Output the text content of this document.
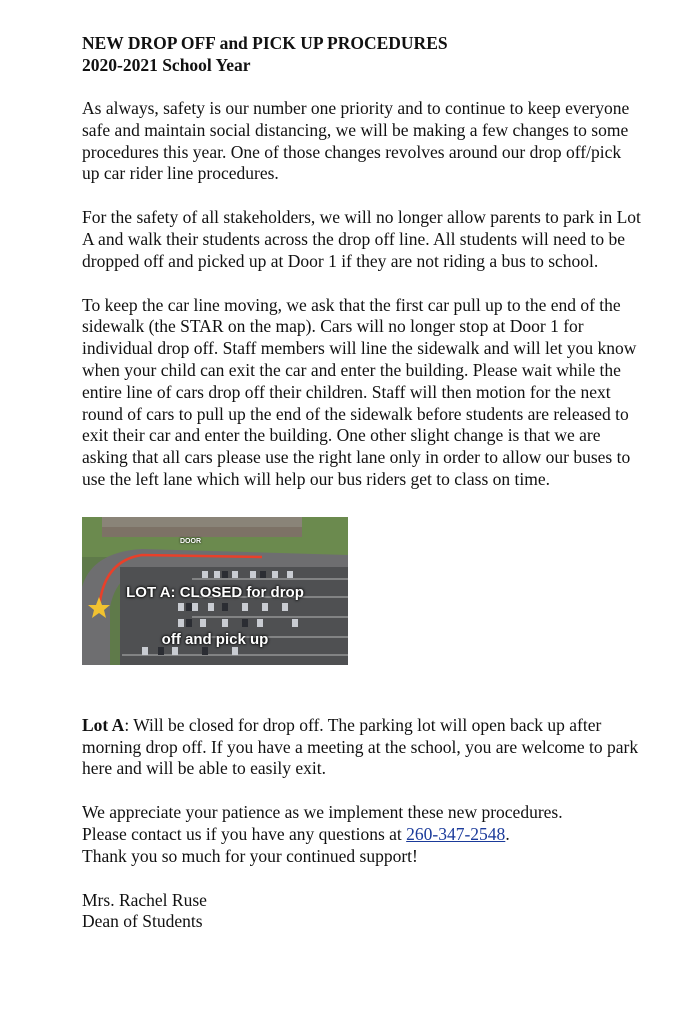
NEW DROP OFF and PICK UP PROCEDURES
2020-2021 School Year

As always, safety is our number one priority and to continue to keep everyone safe and maintain social distancing, we will be making a few changes to some procedures this year. One of those changes revolves around our drop off/pick up car rider line procedures.

For the safety of all stakeholders, we will no longer allow parents to park in Lot A and walk their students across the drop off line. All students will need to be dropped off and picked up at Door 1 if they are not riding a bus to school.

To keep the car line moving, we ask that the first car pull up to the end of the sidewalk (the STAR on the map). Cars will no longer stop at Door 1 for individual drop off. Staff members will line the sidewalk and will let you know when your child can exit the car and enter the building. Please wait while the entire line of cars drop off their children. Staff will then motion for the next round of cars to pull up the end of the sidewalk before students are released to exit their car and enter the building. One other slight change is that we are asking that all cars please use the right lane only in order to allow our buses to use the left lane which will help our bus riders get to class on time.

DOOR
LOT A: CLOSED for drop
off and pick up

Lot A: Will be closed for drop off. The parking lot will open back up after morning drop off. If you have a meeting at the school, you are welcome to park here and will be able to easily exit.

We appreciate your patience as we implement these new procedures.
Please contact us if you have any questions at 260-347-2548.
Thank you so much for your continued support!

Mrs. Rachel Ruse

Dean of Students
